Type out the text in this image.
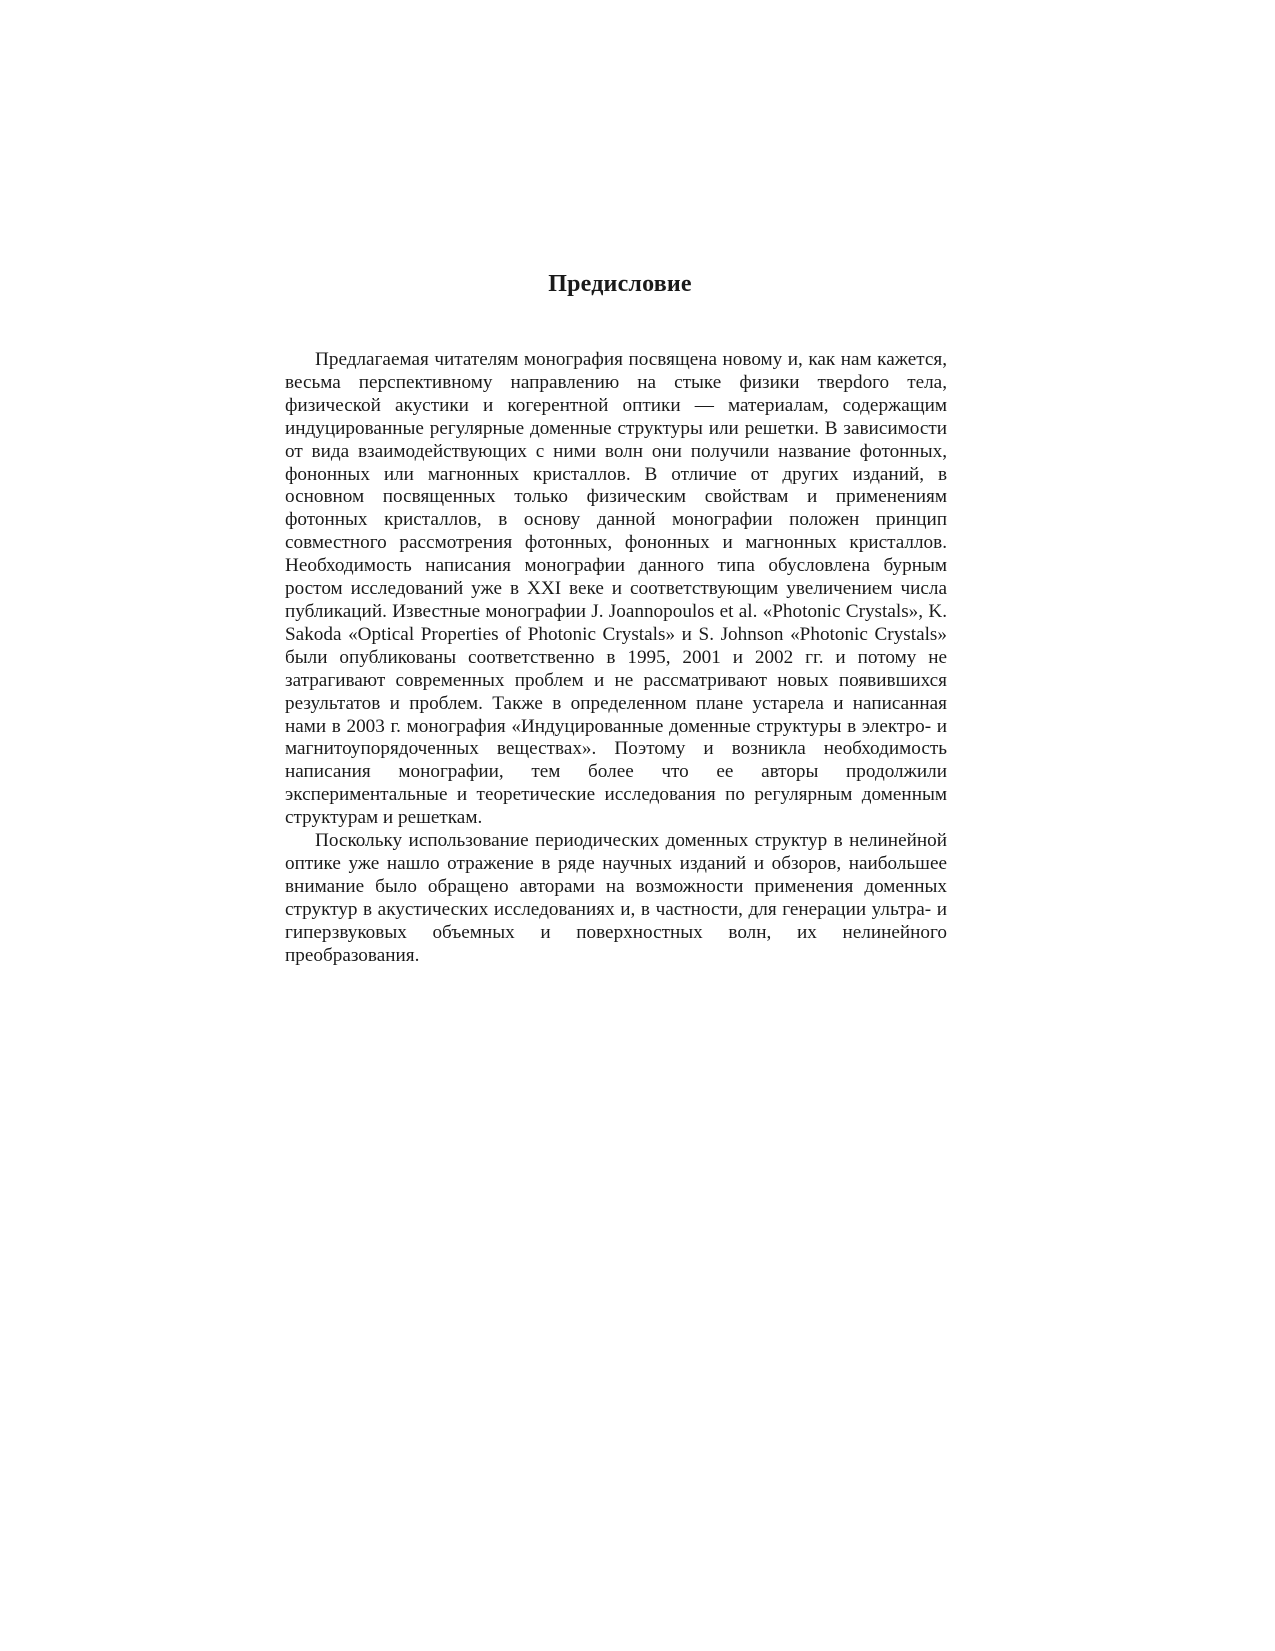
Предисловие

Предлагаемая читателям монография посвящена новому и, как нам кажется, весьма перспективному направлению на стыке физики тверdого тела, физической акустики и когерентной оптики — материалам, содержащим индуцированные регулярные доменные структуры или решетки. В зависимости от вида взаимодействующих с ними волн они получили название фотонных, фононных или магнонных кристаллов. В отличие от других изданий, в основном посвященных только физическим свойствам и применениям фотонных кристаллов, в основу данной монографии положен принцип совместного рассмотрения фотонных, фононных и магнонных кристаллов. Необходимость написания монографии данного типа обусловлена бурным ростом исследований уже в XXI веке и соответствующим увеличением числа публикаций. Известные монографии J. Joannopoulos et al. «Photonic Crystals», K. Sakoda «Optical Properties of Photonic Crystals» и S. Johnson «Photonic Crystals» были опубликованы соответственно в 1995, 2001 и 2002 гг. и потому не затрагивают современных проблем и не рассматривают новых появившихся результатов и проблем. Также в определенном плане устарела и написанная нами в 2003 г. монография «Индуцированные доменные структуры в электро- и магнитоупорядоченных веществах». Поэтому и возникла необходимость написания монографии, тем более что ее авторы продолжили экспериментальные и теоретические исследования по регулярным доменным структурам и решеткам.

Поскольку использование периодических доменных структур в нелинейной оптике уже нашло отражение в ряде научных изданий и обзоров, наибольшее внимание было обращено авторами на возможности применения доменных структур в акустических исследованиях и, в частности, для генерации ультра- и гиперзвуковых объемных и поверхностных волн, их нелинейного преобразования.
